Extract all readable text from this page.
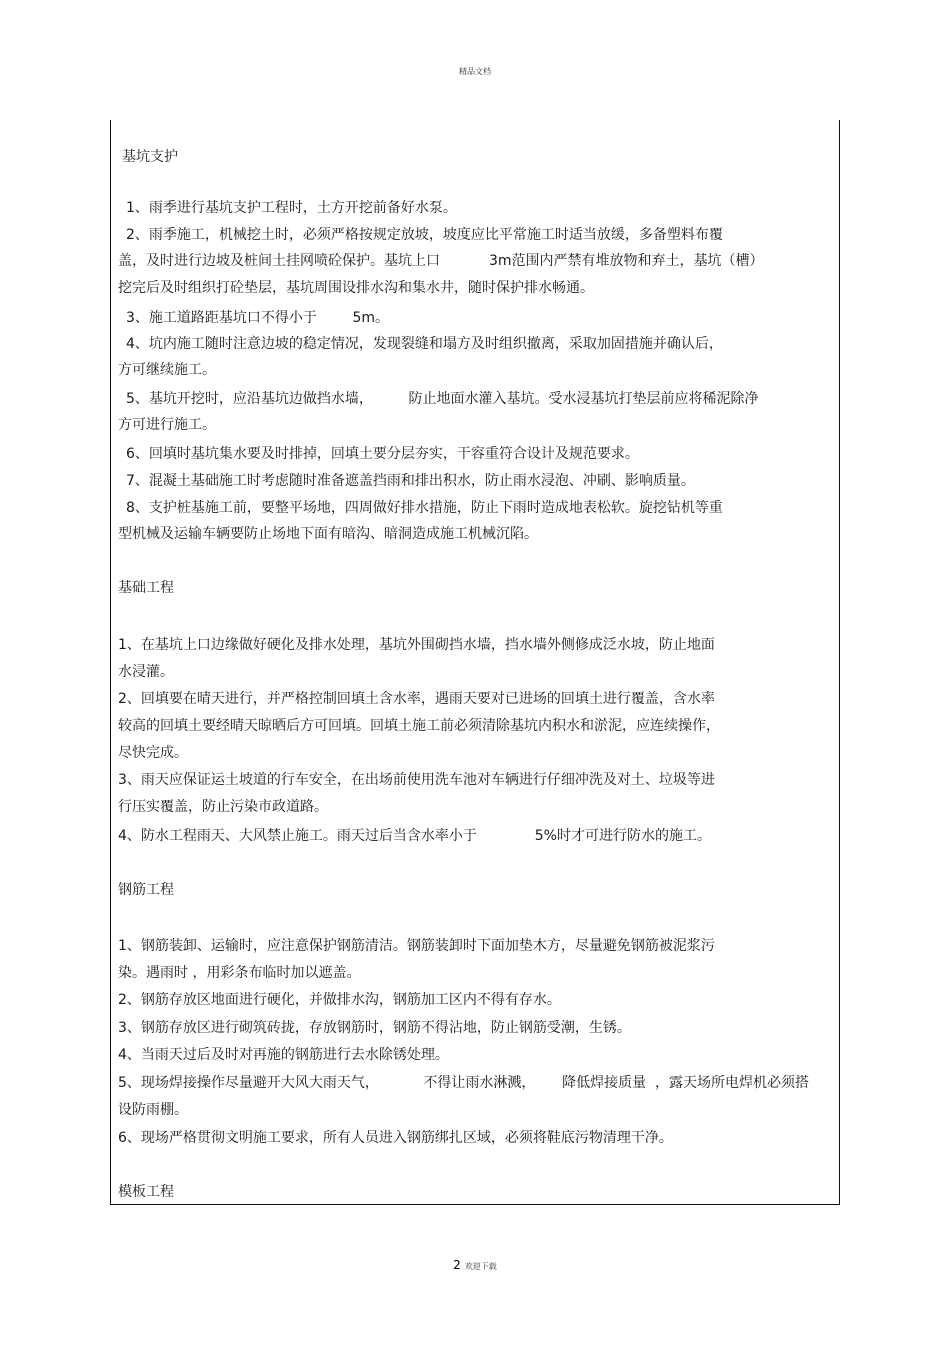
精品文档
基坑支护
1、雨季进行基坑支护工程时，土方开挖前备好水泵。
2、雨季施工，机械挖土时，必须严格按规定放坡，坡度应比平常施工时适当放缓，多备塑料布覆
盖，及时进行边坡及桩间土挂网喷砼保护。基坑上口           3m范围内严禁有堆放物和弃土，基坑（槽）
挖完后及时组织打砼垫层，基坑周围设排水沟和集水井，随时保护排水畅通。
3、施工道路距基坑口不得小于        5m。
4、坑内施工随时注意边坡的稳定情况，发现裂缝和塌方及时组织撤离，采取加固措施并确认后，
方可继续施工。
5、基坑开挖时，应沿基坑边做挡水墙，        防止地面水灌入基坑。受水浸基坑打垫层前应将稀泥除净
方可进行施工。
6、回填时基坑集水要及时排掉，回填土要分层夯实，干容重符合设计及规范要求。
7、混凝土基础施工时考虑随时准备遮盖挡雨和排出积水，防止雨水浸泡、冲刷、影响质量。
8、支护桩基施工前，要整平场地，四周做好排水措施，防止下雨时造成地表松软。旋挖钻机等重
型机械及运输车辆要防止场地下面有暗沟、暗洞造成施工机械沉陷。
基础工程
1、在基坑上口边缘做好硬化及排水处理，基坑外围砌挡水墙，挡水墙外侧修成泛水坡，防止地面
水浸灌。
2、回填要在晴天进行，并严格控制回填土含水率，遇雨天要对已进场的回填土进行覆盖，含水率
较高的回填土要经晴天晾晒后方可回填。回填土施工前必须清除基坑内积水和淤泥，应连续操作，
尽快完成。
3、雨天应保证运土坡道的行车安全，在出场前使用洗车池对车辆进行仔细冲洗及对土、垃圾等进
行压实覆盖，防止污染市政道路。
4、防水工程雨天、大风禁止施工。雨天过后当含水率小于             5%时才可进行防水的施工。
钢筋工程
1、钢筋装卸、运输时，应注意保护钢筋清洁。钢筋装卸时下面加垫木方，尽量避免钢筋被泥浆污
染。遇雨时 ，用彩条布临时加以遮盖。
2、钢筋存放区地面进行硬化，并做排水沟，钢筋加工区内不得有存水。
3、钢筋存放区进行砌筑砖拢，存放钢筋时，钢筋不得沾地，防止钢筋受潮，生锈。
4、当雨天过后及时对再施的钢筋进行去水除锈处理。
5、现场焊接操作尽量避开大风大雨天气，          不得让雨水淋溅，      降低焊接质量  ，露天场所电焊机必须搭
设防雨棚。
6、现场严格贯彻文明施工要求，所有人员进入钢筋绑扎区域，必须将鞋底污物清理干净。
模板工程
2 欢迎下载
